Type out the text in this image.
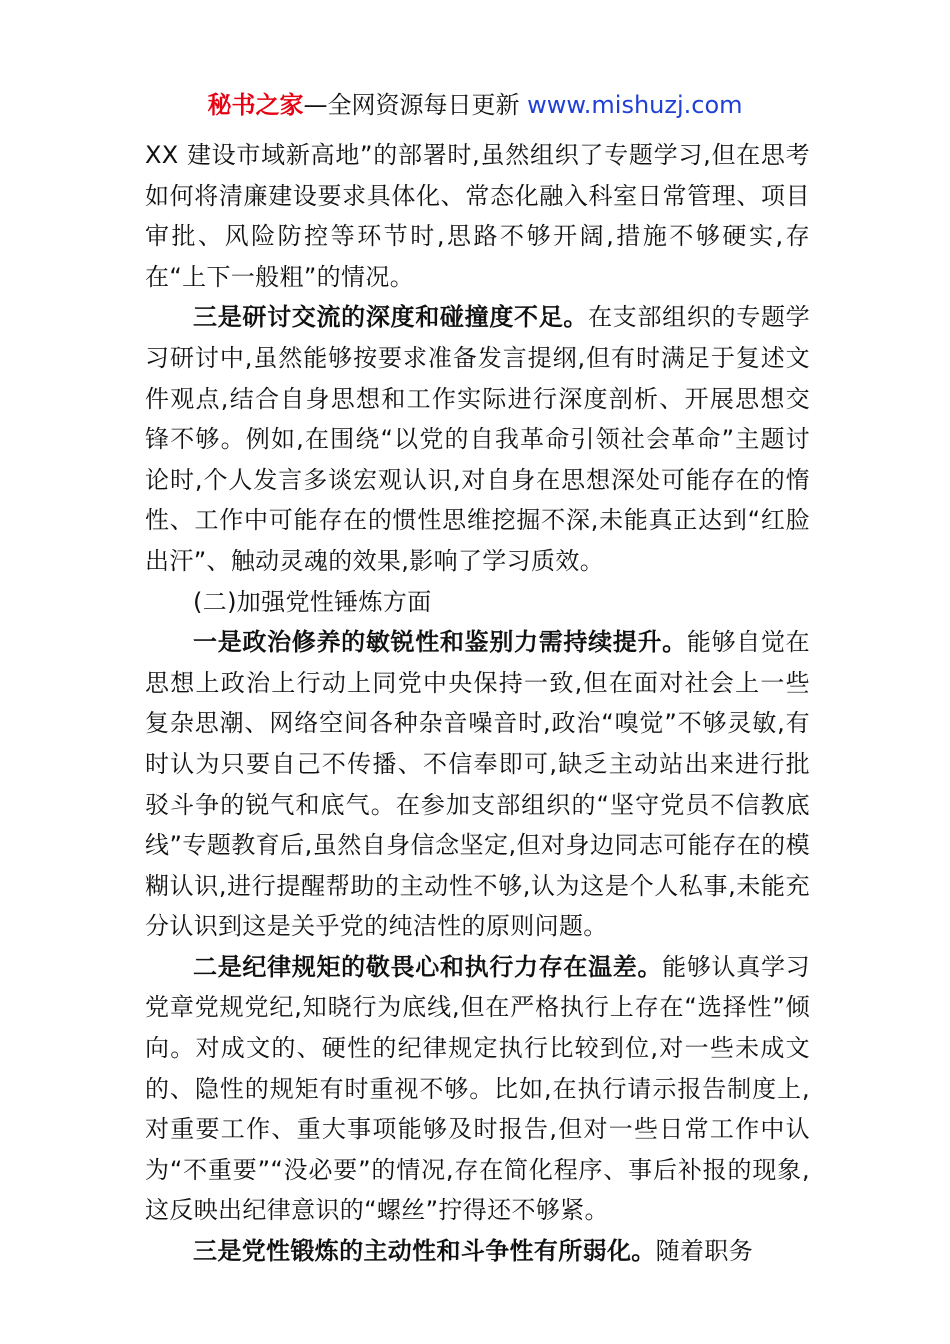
秘书之家—全网资源每日更新 www.mishuzj.com

XX 建设市域新高地”的部署时,虽然组织了专题学习,但在思考如何将清廉建设要求具体化、常态化融入科室日常管理、项目审批、风险防控等环节时,思路不够开阔,措施不够硬实,存在“上下一般粗”的情况。

三是研讨交流的深度和碰撞度不足。在支部组织的专题学习研讨中,虽然能够按要求准备发言提纲,但有时满足于复述文件观点,结合自身思想和工作实际进行深度剖析、开展思想交锋不够。例如,在围绕“以党的自我革命引领社会革命”主题讨论时,个人发言多谈宏观认识,对自身在思想深处可能存在的惰性、工作中可能存在的惯性思维挖掘不深,未能真正达到“红脸出汗”、触动灵魂的效果,影响了学习质效。

(二)加强党性锤炼方面

一是政治修养的敏锐性和鉴别力需持续提升。能够自觉在思想上政治上行动上同党中央保持一致,但在面对社会上一些复杂思潮、网络空间各种杂音噪音时,政治“嗅觉”不够灵敏,有时认为只要自己不传播、不信奉即可,缺乏主动站出来进行批驳斗争的锐气和底气。在参加支部组织的“坚守党员不信教底线”专题教育后,虽然自身信念坚定,但对身边同志可能存在的模糊认识,进行提醒帮助的主动性不够,认为这是个人私事,未能充分认识到这是关乎党的纯洁性的原则问题。

二是纪律规矩的敬畏心和执行力存在温差。能够认真学习党章党规党纪,知晓行为底线,但在严格执行上存在“选择性”倾向。对成文的、硬性的纪律规定执行比较到位,对一些未成文的、隐性的规矩有时重视不够。比如,在执行请示报告制度上,对重要工作、重大事项能够及时报告,但对一些日常工作中认为“不重要”“没必要”的情况,存在简化程序、事后补报的现象,这反映出纪律意识的“螺丝”拧得还不够紧。

三是党性锻炼的主动性和斗争性有所弱化。随着职务
